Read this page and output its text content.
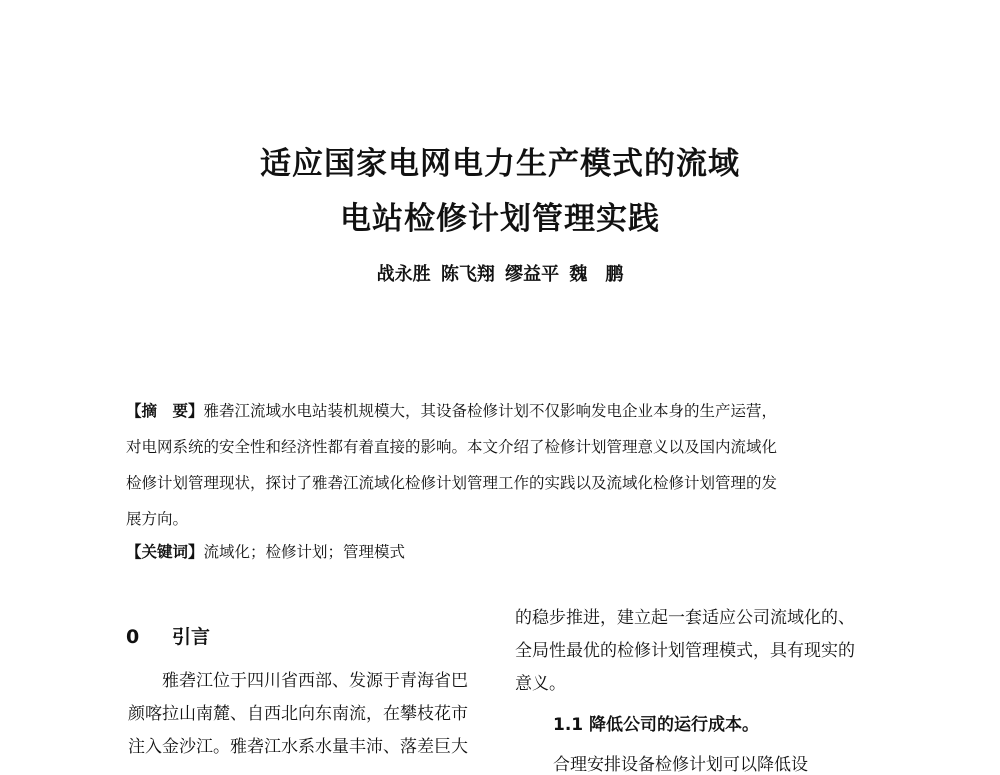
适应国家电网电力生产模式的流域
电站检修计划管理实践
战永胜 陈飞翔 缪益平 魏　鹏

【摘　要】雅砻江流域水电站装机规模大，其设备检修计划不仅影响发电企业本身的生产运营，

对电网系统的安全性和经济性都有着直接的影响。本文介绍了检修计划管理意义以及国内流域化

检修计划管理现状，探讨了雅砻江流域化检修计划管理工作的实践以及流域化检修计划管理的发

展方向。

【关键词】流域化；检修计划；管理模式
0 引言
雅砻江位于四川省西部、发源于青海省巴
颜喀拉山南麓、自西北向东南流，在攀枝花市
注入金沙江。雅砻江水系水量丰沛、落差巨大
的稳步推进，建立起一套适应公司流域化的、
全局性最优的检修计划管理模式，具有现实的
意义。
1.1 降低公司的运行成本。
合理安排设备检修计划可以降低设
